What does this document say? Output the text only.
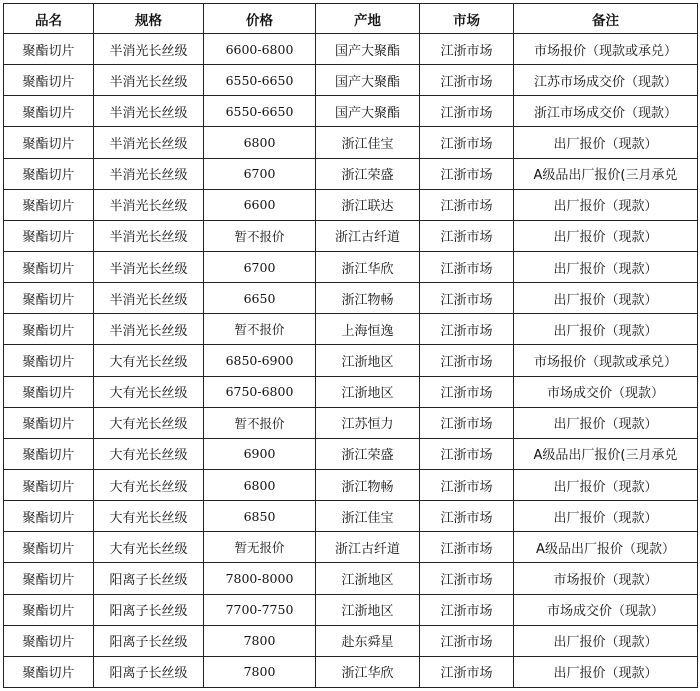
品名	规格	价格	产地	市场	备注
聚酯切片	半消光长丝级	6600-6800	国产大聚酯	江浙市场	市场报价（现款或承兑）
聚酯切片	半消光长丝级	6550-6650	国产大聚酯	江浙市场	江苏市场成交价（现款）
聚酯切片	半消光长丝级	6550-6650	国产大聚酯	江浙市场	浙江市场成交价（现款）
聚酯切片	半消光长丝级	6800	浙江佳宝	江浙市场	出厂报价（现款）
聚酯切片	半消光长丝级	6700	浙江荣盛	江浙市场	A级品出厂报价(三月承兑
聚酯切片	半消光长丝级	6600	浙江联达	江浙市场	出厂报价（现款）
聚酯切片	半消光长丝级	暂不报价	浙江古纤道	江浙市场	出厂报价（现款）
聚酯切片	半消光长丝级	6700	浙江华欣	江浙市场	出厂报价（现款）
聚酯切片	半消光长丝级	6650	浙江物畅	江浙市场	出厂报价（现款）
聚酯切片	半消光长丝级	暂不报价	上海恒逸	江浙市场	出厂报价（现款）
聚酯切片	大有光长丝级	6850-6900	江浙地区	江浙市场	市场报价（现款或承兑）
聚酯切片	大有光长丝级	6750-6800	江浙地区	江浙市场	市场成交价（现款）
聚酯切片	大有光长丝级	暂不报价	江苏恒力	江浙市场	出厂报价（现款）
聚酯切片	大有光长丝级	6900	浙江荣盛	江浙市场	A级品出厂报价(三月承兑
聚酯切片	大有光长丝级	6800	浙江物畅	江浙市场	出厂报价（现款）
聚酯切片	大有光长丝级	6850	浙江佳宝	江浙市场	出厂报价（现款）
聚酯切片	大有光长丝级	暂无报价	浙江古纤道	江浙市场	A级品出厂报价（现款）
聚酯切片	阳离子长丝级	7800-8000	江浙地区	江浙市场	市场报价（现款）
聚酯切片	阳离子长丝级	7700-7750	江浙地区	江浙市场	市场成交价（现款）
聚酯切片	阳离子长丝级	7800	赴东舜星	江浙市场	出厂报价（现款）
聚酯切片	阳离子长丝级	7800	浙江华欣	江浙市场	出厂报价（现款）
